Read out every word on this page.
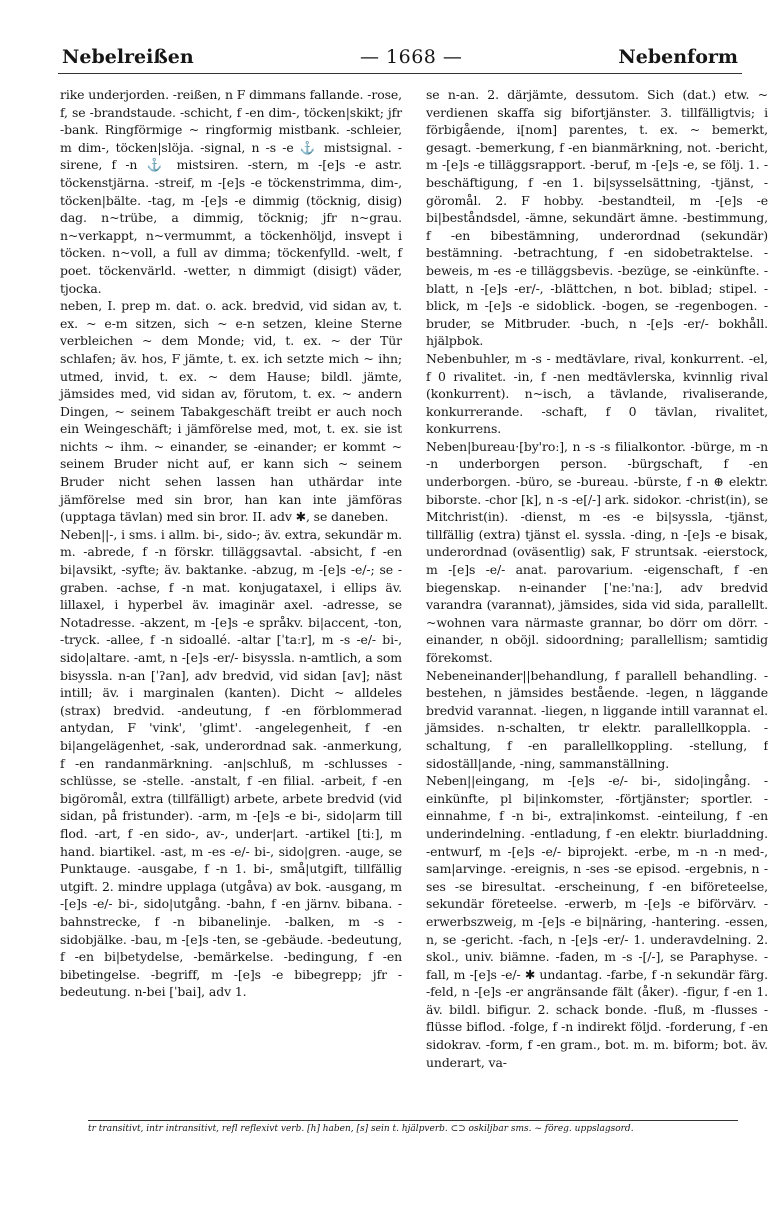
Nebelreißen	— 1668 —	Nebenform

rike underjorden. -reißen, n F dimmans fallande. -rose, f, se -brandstaude. -schicht, f -en dim-, töcken|skikt; jfr -bank. Ringförmige ~ ringformig mistbank. -schleier, m dim-, töcken|slöja. -signal, n -s -e ⚓ mistsignal. -sirene, f -n ⚓ mistsiren. -stern, m -[e]s -e astr. töckenstjärna. -streif, m -[e]s -e töckenstrimma, dim-, töcken|bälte. -tag, m -[e]s -e dimmig (töcknig, disig) dag. n~trübe, a dimmig, töcknig; jfr n~grau. n~verkappt, n~vermummt, a töckenhöljd, insvept i töcken. n~voll, a full av dimma; töckenfylld. -welt, f poet. töckenvärld. -wetter, n dimmigt (disigt) väder, tjocka.

neben, I. prep m. dat. o. ack. bredvid, vid sidan av, t. ex. ~ e-m sitzen, sich ~ e-n setzen, kleine Sterne verbleichen ~ dem Monde; vid, t. ex. ~ der Tür schlafen; äv. hos, F jämte, t. ex. ich setzte mich ~ ihn; utmed, invid, t. ex. ~ dem Hause; bildl. jämte, jämsides med, vid sidan av, förutom, t. ex. ~ andern Dingen, ~ seinem Tabakgeschäft treibt er auch noch ein Weingeschäft; i jämförelse med, mot, t. ex. sie ist nichts ~ ihm. ~ einander, se -einander; er kommt ~ seinem Bruder nicht auf, er kann sich ~ seinem Bruder nicht sehen lassen han uthärdar inte jämförelse med sin bror, han kan inte jämföras (upptaga tävlan) med sin bror. II. adv ✱, se daneben.

Neben||-, i sms. i allm. bi-, sido-; äv. extra, sekundär m. m. -abrede, f -n förskr. tilläggsavtal. -absicht, f -en bi|avsikt, -syfte; äv. baktanke. -abzug, m -[e]s -e/-; se -graben. -achse, f -n mat. konjugataxel, i ellips äv. lillaxel, i hyperbel äv. imaginär axel. -adresse, se Notadresse. -akzent, m -[e]s -e språkv. bi|accent, -ton, -tryck. -allee, f -n sidoallé. -altar [ˈtaːr], m -s -e/- bi-, sido|altare. -amt, n -[e]s -er/- bisyssla. n-amtlich, a som bisyssla. n-an [ˈʔan], adv bredvid, vid sidan [av]; näst intill; äv. i marginalen (kanten). Dicht ~ alldeles (strax) bredvid. -andeutung, f -en förblommerad antydan, F 'vink', 'glimt'. -angelegenheit, f -en bi|angelägenhet, -sak, underordnad sak. -anmerkung, f -en randanmärkning. -an|schluß, m -schlusses -schlüsse, se -stelle. -anstalt, f -en filial. -arbeit, f -en bigöromål, extra (tillfälligt) arbete, arbete bredvid (vid sidan, på fristunder). -arm, m -[e]s -e bi-, sido|arm till flod. -art, f -en sido-, av-, under|art. -artikel [tiː], m hand. biartikel. -ast, m -es -e/- bi-, sido|gren. -auge, se Punktauge. -ausgabe, f -n 1. bi-, små|utgift, tillfällig utgift. 2. mindre upplaga (utgåva) av bok. -ausgang, m -[e]s -e/- bi-, sido|utgång. -bahn, f -en järnv. bibana. -bahnstrecke, f -n bibanelinje. -balken, m -s - sidobjälke. -bau, m -[e]s -ten, se -gebäude. -bedeutung, f -en bi|betydelse, -bemärkelse. -bedingung, f -en bibetingelse. -begriff, m -[e]s -e bibegrepp; jfr -bedeutung. n-bei [ˈbai], adv 1.

se n-an. 2. därjämte, dessutom. Sich (dat.) etw. ~ verdienen skaffa sig bifortjänster. 3. tillfälligtvis; i förbigående, i[nom] parentes, t. ex. ~ bemerkt, gesagt. -bemerkung, f -en bianmärkning, not. -bericht, m -[e]s -e tilläggsrapport. -beruf, m -[e]s -e, se följ. 1. -beschäftigung, f -en 1. bi|sysselsättning, -tjänst, -göromål. 2. F hobby. -bestandteil, m -[e]s -e bi|beståndsdel, -ämne, sekundärt ämne. -bestimmung, f -en bibestämning, underordnad (sekundär) bestämning. -betrachtung, f -en sidobetraktelse. -beweis, m -es -e tilläggsbevis. -bezüge, se -einkünfte. -blatt, n -[e]s -er/-, -blättchen, n bot. biblad; stipel. -blick, m -[e]s -e sidoblick. -bogen, se -regenbogen. -bruder, se Mitbruder. -buch, n -[e]s -er/- bokhåll. hjälpbok.

Nebenbuhler, m -s - medtävlare, rival, konkurrent. -el, f 0 rivalitet. -in, f -nen medtävlerska, kvinnlig rival (konkurrent). n~isch, a tävlande, rivaliserande, konkurrerande. -schaft, f 0 tävlan, rivalitet, konkurrens.

Neben|bureau·[by'roː], n -s -s filialkontor. -bürge, m -n -n underborgen person. -bürgschaft, f -en underborgen. -büro, se -bureau. -bürste, f -n ⊕ elektr. biborste. -chor [k], n -s -e[/-] ark. sidokor. -christ(in), se Mitchrist(in). -dienst, m -es -e bi|syssla, -tjänst, tillfällig (extra) tjänst el. syssla. -ding, n -[e]s -e bisak, underordnad (oväsentlig) sak, F struntsak. -eierstock, m -[e]s -e/- anat. parovarium. -eigenschaft, f -en biegenskap. n-einander [ˈneː'naː], adv bredvid varandra (varannat), jämsides, sida vid sida, parallellt. ~wohnen vara närmaste grannar, bo dörr om dörr. -einander, n oböjl. sidoordning; parallellism; samtidig förekomst.

Nebeneinander||behandlung, f parallell behandling. -bestehen, n jämsides bestående. -legen, n läggande bredvid varannat. -liegen, n liggande intill varannat el. jämsides. n-schalten, tr elektr. parallellkoppla. -schaltung, f -en parallellkoppling. -stellung, f sidoställ|ande, -ning, sammanställning.

Neben||eingang, m -[e]s -e/- bi-, sido|ingång. -einkünfte, pl bi|inkomster, -förtjänster; sportler. -einnahme, f -n bi-, extra|inkomst. -einteilung, f -en underindelning. -entladung, f -en elektr. biurladdning. -entwurf, m -[e]s -e/- biprojekt. -erbe, m -n -n med-, sam|arvinge. -ereignis, n -ses -se episod. -ergebnis, n -ses -se biresultat. -erscheinung, f -en biföreteelse, sekundär företeelse. -erwerb, m -[e]s -e biförvärv. -erwerbszweig, m -[e]s -e bi|näring, -hantering. -essen, n, se -gericht. -fach, n -[e]s -er/- 1. underavdelning. 2. skol., univ. biämne. -faden, m -s -[/-], se Paraphyse. -fall, m -[e]s -e/- ✱ undantag. -farbe, f -n sekundär färg. -feld, n -[e]s -er angränsande fält (åker). -figur, f -en 1. äv. bildl. bifigur. 2. schack bonde. -fluß, m -flusses -flüsse biflod. -folge, f -n indirekt följd. -forderung, f -en sidokrav. -form, f -en gram., bot. m. m. biform; bot. äv. underart, va-

tr transitivt, intr intransitivt, refl reflexivt verb. [h] haben, [s] sein t. hjälpverb. ⊂⊃ oskiljbar sms. ~ föreg. uppslagsord.
